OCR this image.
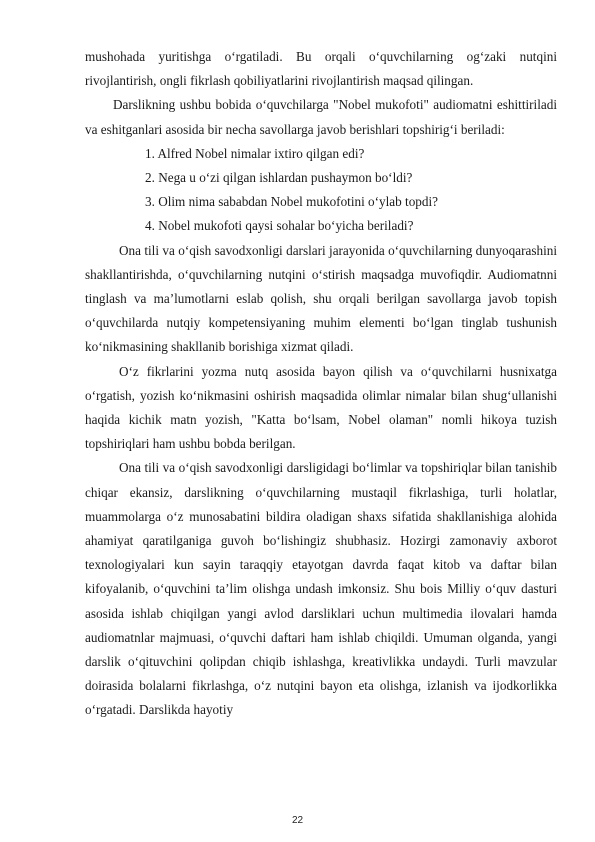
mushohada yuritishga o‘rgatiladi. Bu orqali o‘quvchilarning og‘zaki nutqini rivojlantirish, ongli fikrlash qobiliyatlarini rivojlantirish maqsad qilingan.

Darslikning ushbu bobida o‘quvchilarga "Nobel mukofoti" audiomatni eshittiriladi va eshitganlari asosida bir necha savollarga javob berishlari topshirig‘i beriladi:

1. Alfred Nobel nimalar ixtiro qilgan edi?
2. Nega u o‘zi qilgan ishlardan pushaymon bo‘ldi?
3. Olim nima sababdan Nobel mukofotini o‘ylab topdi?
4. Nobel mukofoti qaysi sohalar bo‘yicha beriladi?

Ona tili va o‘qish savodxonligi darslari jarayonida o‘quvchilarning dunyoqarashini shakllantirishda, o‘quvchilarning nutqini o‘stirish maqsadga muvofiqdir. Audiomatnni tinglash va ma’lumotlarni eslab qolish, shu orqali berilgan savollarga javob topish o‘quvchilarda nutqiy kompetensiyaning muhim elementi bo‘lgan tinglab tushunish ko‘nikmasining shakllanib borishiga xizmat qiladi.

O‘z fikrlarini yozma nutq asosida bayon qilish va o‘quvchilarni husnixatga o‘rgatish, yozish ko‘nikmasini oshirish maqsadida olimlar nimalar bilan shug‘ullanishi haqida kichik matn yozish, "Katta bo‘lsam, Nobel olaman" nomli hikoya tuzish topshiriqlari ham ushbu bobda berilgan.

Ona tili va o‘qish savodxonligi darsligidagi bo‘limlar va topshiriqlar bilan tanishib chiqar ekansiz, darslikning o‘quvchilarning mustaqil fikrlashiga, turli holatlar, muammolarga o‘z munosabatini bildira oladigan shaxs sifatida shakllanishiga alohida ahamiyat qaratilganiga guvoh bo‘lishingiz shubhasiz. Hozirgi zamonaviy axborot texnologiyalari kun sayin taraqqiy etayotgan davrda faqat kitob va daftar bilan kifoyalanib, o‘quvchini ta’lim olishga undash imkonsiz. Shu bois Milliy o‘quv dasturi asosida ishlab chiqilgan yangi avlod darsliklari uchun multimedia ilovalari hamda audiomatnlar majmuasi, o‘quvchi daftari ham ishlab chiqildi. Umuman olganda, yangi darslik o‘qituvchini qolipdan chiqib ishlashga, kreativlikka undaydi. Turli mavzular doirasida bolalarni fikrlashga, o‘z nutqini bayon eta olishga, izlanish va ijodkorlikka o‘rgatadi. Darslikda hayotiy

22
